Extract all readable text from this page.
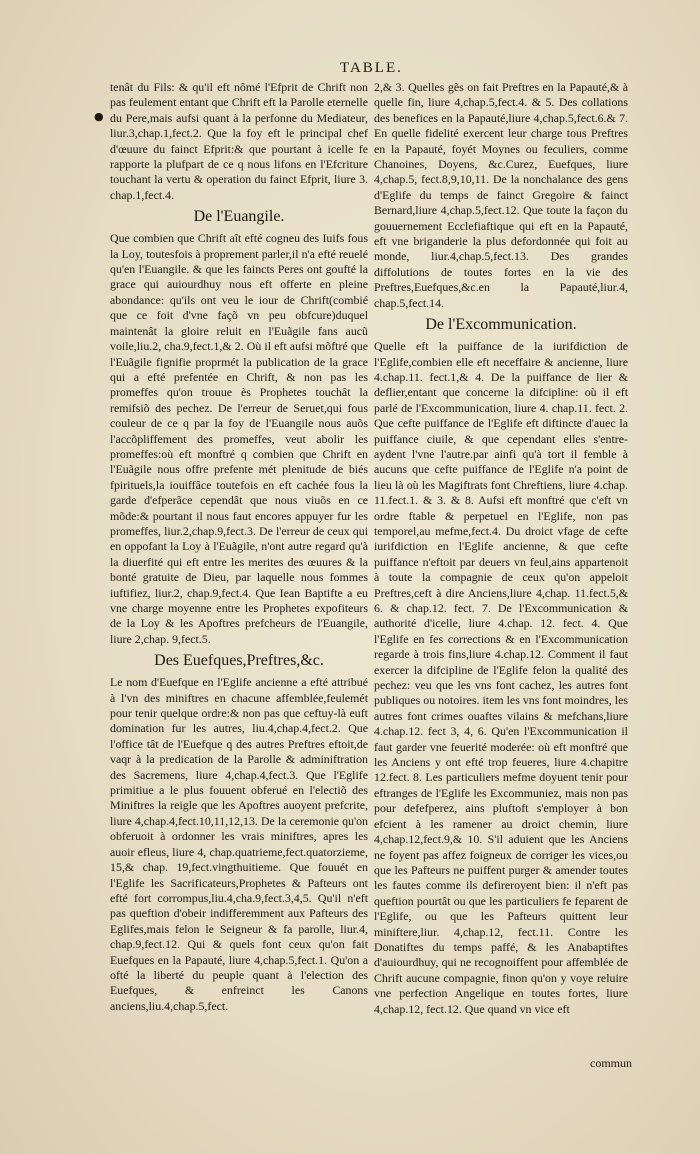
TABLE.
●

tenât du Fils: & qu'il eft nômé l'Efprit de Chrift non pas feulement entant que Chrift eft la Parolle eternelle du Pere,mais aufsi quant à la perfonne du Mediateur, liur.3,chap.1,fect.2. Que la foy eft le principal chef d'œuure du fainct Efprit:& que pourtant à icelle fe rapporte la plufpart de ce q nous lifons en l'Efcriture touchant la vertu & operation du fainct Efprit, liure 3. chap.1,fect.4.

De l'Euangile.

Que combien que Chrift aît efté cogneu des Iuifs fous la Loy, toutesfois à proprement parler,il n'a efté reuelé qu'en l'Euangile. & que les faincts Peres ont goufté la grace qui auiourdhuy nous eft offerte en pleine abondance: qu'ils ont veu le iour de Chrift(combié que ce foit d'vne façõ vn peu obfcure)duquel maintenât la gloire reluit en l'Euãgile fans aucũ voile,liu.2, cha.9,fect.1,& 2. Où il eft aufsi mõftré que l'Euãgile fignifie proprmét la publication de la grace qui a efté prefentée en Chrift, & non pas les promeffes qu'on trouue ès Prophetes touchât la remifsiõ des pechez. De l'erreur de Seruet,qui fous couleur de ce q par la foy de l'Euangile nous auõs l'accõpliffement des promeffes, veut abolir les promeffes:où eft monftré q combien que Chrift en l'Euãgile nous offre prefente mét plenitude de biés fpirituels,la iouiffâce toutefois en eft cachée fous la garde d'efperãce cependât que nous viuõs en ce mõde:& pourtant il nous faut encores appuyer fur les promeffes, liur.2,chap.9,fect.3. De l'erreur de ceux qui en oppofant la Loy à l'Euãgile, n'ont autre regard qu'à la diuerfité qui eft entre les merites des œuures & la bonté gratuite de Dieu, par laquelle nous fommes iuftifiez, liur.2, chap.9,fect.4. Que Iean Baptifte a eu vne charge moyenne entre les Prophetes expofiteurs de la Loy & les Apoftres prefcheurs de l'Euangile, liure 2,chap. 9,fect.5.

Des Euefques,Preftres,&c.

Le nom d'Euefque en l'Eglife ancienne a efté attribué à l'vn des miniftres en chacune affemblée,feulemét pour tenir quelque ordre:& non pas que ceftuy-là euft domination fur les autres, liu.4,chap.4,fect.2. Que l'office tât de l'Euefque q des autres Preftres eftoit,de vaqr à la predication de la Parolle & adminiftration des Sacremens, liure 4,chap.4,fect.3. Que l'Eglife primitiue a le plus fouuent obferué en l'electiõ des Miniftres la reigle que les Apoftres auoyent prefcrite, liure 4,chap.4,fect.10,11,12,13. De la ceremonie qu'on obferuoit à ordonner les vrais miniftres, apres les auoir efleus, liure 4, chap.quatrieme,fect.quatorzieme, 15,& chap. 19,fect.vingthuitieme. Que fouuét en l'Eglife les Sacrificateurs,Prophetes & Pafteurs ont efté fort corrompus,liu.4,cha.9,fect.3,4,5. Qu'il n'eft pas queftion d'obeir indifferemment aux Pafteurs des Eglifes,mais felon le Seigneur & fa parolle, liur.4, chap.9,fect.12. Qui & quels font ceux qu'on fait Euefques en la Papauté, liure 4,chap.5,fect.1. Qu'on a ofté la liberté du peuple quant à l'election des Euefques, & enfreinct les Canons anciens,liu.4,chap.5,fect.

2,& 3. Quelles gẽs on fait Preftres en la Papauté,& à quelle fin, liure 4,chap.5,fect.4. & 5. Des collations des benefices en la Papauté,liure 4,chap.5,fect.6.& 7. En quelle fidelité exercent leur charge tous Preftres en la Papauté, foyét Moynes ou feculiers, comme Chanoines, Doyens, &c.Curez, Euefques, liure 4,chap.5, fect.8,9,10,11. De la nonchalance des gens d'Eglife du temps de fainct Gregoire & fainct Bernard,liure 4,chap.5,fect.12. Que toute la façon du gouuernement Ecclefiaftique qui eft en la Papauté, eft vne briganderie la plus defordonnée qui foit au monde, liur.4,chap.5,fect.13. Des grandes diffolutions de toutes fortes en la vie des Preftres,Euefques,&c.en la Papauté,liur.4, chap.5,fect.14.

De l'Excommunication.

Quelle eft la puiffance de la iurifdiction de l'Eglife,combien elle eft neceffaire & ancienne, liure 4.chap.11. fect.1,& 4. De la puiffance de lier & deflier,entant que concerne la difcipline: où il eft parlé de l'Excommunication, liure 4. chap.11. fect. 2. Que cefte puiffance de l'Eglife eft diftincte d'auec la puiffance ciuile, & que cependant elles s'entre-aydent l'vne l'autre.par ainfi qu'à tort il femble à aucuns que cefte puiffance de l'Eglife n'a point de lieu là où les Magiftrats font Chreftiens, liure 4.chap. 11.fect.1. & 3. & 8. Aufsi eft monftré que c'eft vn ordre ftable & perpetuel en l'Eglife, non pas temporel,au mefme,fect.4. Du droict vfage de cefte iurifdiction en l'Eglife ancienne, & que cefte puiffance n'eftoit par deuers vn feul,ains appartenoit à toute la compagnie de ceux qu'on appeloit Preftres,ceft à dire Anciens,liure 4,chap. 11.fect.5,& 6. & chap.12. fect. 7. De l'Excommunication & authorité d'icelle, liure 4.chap. 12. fect. 4. Que l'Eglife en fes corrections & en l'Excommunication regarde à trois fins,liure 4.chap.12. Comment il faut exercer la difcipline de l'Eglife felon la qualité des pechez: veu que les vns font cachez, les autres font publiques ou notoires. item les vns font moindres, les autres font crimes ouaftes vilains & mefchans,liure 4.chap.12. fect 3, 4, 6. Qu'en l'Excommunication il faut garder vne feuerité moderée: où eft monftré que les Anciens y ont efté trop feueres, liure 4.chapitre 12.fect. 8. Les particuliers mefme doyuent tenir pour eftranges de l'Eglife les Excommuniez, mais non pas pour defefperez, ains pluftoft s'employer à bon efcient à les ramener au droict chemin, liure 4,chap.12,fect.9,& 10. S'il aduient que les Anciens ne foyent pas affez foigneux de corriger les vices,ou que les Pafteurs ne puiffent purger & amender toutes les fautes comme ils defireroyent bien: il n'eft pas queftion pourtât ou que les particuliers fe feparent de l'Eglife, ou que les Pafteurs quittent leur miniftere,liur. 4,chap.12, fect.11. Contre les Donatiftes du temps paffé, & les Anabaptiftes d'auiourdhuy, qui ne recognoiffent pour affemblée de Chrift aucune compagnie, finon qu'on y voye reluire vne perfection Angelique en toutes fortes, liure 4,chap.12, fect.12. Que quand vn vice eft

commun
